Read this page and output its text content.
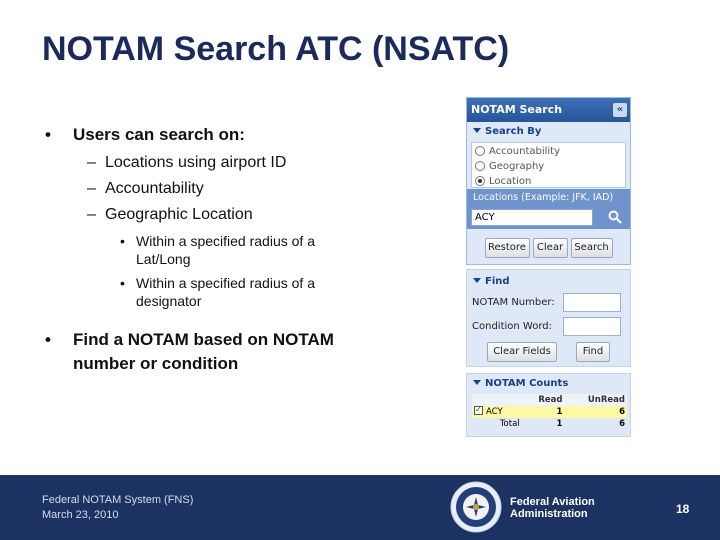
NOTAM Search ATC (NSATC)
• Users can search on:
– Locations using airport ID
– Accountability
– Geographic Location
• Within a specified radius of a Lat/Long
• Within a specified radius of a designator
• Find a NOTAM based on NOTAM number or condition
NOTAM Search	«
Search By
Accountability
Geography
Location
Locations (Example: JFK, IAD)
ACY
Restore	Clear	Search
Find
NOTAM Number:
Condition Word:
Clear Fields	Find
NOTAM Counts
	Read	UnRead
✓ACY	1	6
Total	1	6
Federal NOTAM System (FNS)
March 23, 2010
Federal Aviation
Administration	18
